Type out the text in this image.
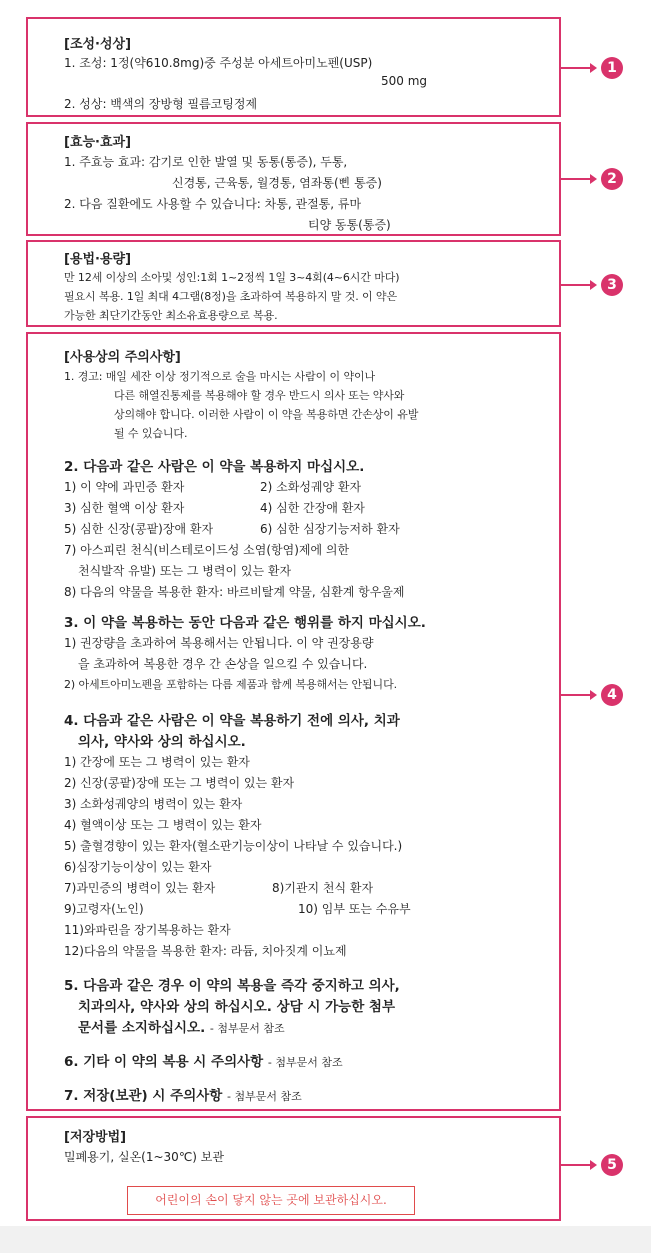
[조성·성상]
1. 조성: 1정(약610.8mg)중 주성분 아세트아미노펜(USP)
500 mg
2. 성상: 백색의 장방형 필름코팅정제
1
[효능·효과]
1. 주효능 효과: 감기로 인한 발열 및 동통(통증), 두통,
신경통, 근육통, 월경통, 염좌통(삔 통증)
2. 다음 질환에도 사용할 수 있습니다: 차통, 관절통, 류마
티양 동통(통증)
2
[용법·용량]
만 12세 이상의 소아및 성인:1회 1~2정씩 1일 3~4회(4~6시간 마다)
필요시 복용. 1일 최대 4그램(8정)을 초과하여 복용하지 말 것. 이 약은
가능한 최단기간동안 최소유효용량으로 복용.
3
[사용상의 주의사항]
1. 경고: 매일 세잔 이상 정기적으로 술을 마시는 사람이 이 약이나
다른 해열진통제를 복용해야 할 경우 반드시 의사 또는 약사와
상의해야 합니다. 이러한 사람이 이 약을 복용하면 간손상이 유발
될 수 있습니다.
2. 다음과 같은 사람은 이 약을 복용하지 마십시오.
1) 이 약에 과민증 환자	2) 소화성궤양 환자
3) 심한 혈액 이상 환자	4) 심한 간장애 환자
5) 심한 신장(콩팥)장애 환자	6) 심한 심장기능저하 환자
7) 아스피린 천식(비스테로이드성 소염(항염)제에 의한
천식발작 유발) 또는 그 병력이 있는 환자
8) 다음의 약물을 복용한 환자: 바르비탈계 약물, 심환계 항우울제
3. 이 약을 복용하는 동안 다음과 같은 행위를 하지 마십시오.
1) 권장량을 초과하여 복용해서는 안됩니다. 이 약 권장용량
을 초과하여 복용한 경우 간 손상을 일으킬 수 있습니다.
2) 아세트아미노펜을 포함하는 다름 제품과 함께 복용해서는 안됩니다.
4. 다음과 같은 사람은 이 약을 복용하기 전에 의사, 치과
의사, 약사와 상의 하십시오.
1) 간장에 또는 그 병력이 있는 환자
2) 신장(콩팥)장애 또는 그 병력이 있는 환자
3) 소화성궤양의 병력이 있는 환자
4) 혈액이상 또는 그 병력이 있는 환자
5) 출혈경향이 있는 환자(혈소판기능이상이 나타날 수 있습니다.)
6)심장기능이상이 있는 환자
7)과민증의 병력이 있는 환자	8)기관지 천식 환자
9)고령자(노인)	10) 임부 또는 수유부
11)와파린을 장기복용하는 환자
12)다음의 약물을 복용한 환자: 라듐, 치아짓계 이뇨제
5. 다음과 같은 경우 이 약의 복용을 즉각 중지하고 의사,
치과의사, 약사와 상의 하십시오. 상담 시 가능한 첨부
문서를 소지하십시오. - 첨부문서 참조
6. 기타 이 약의 복용 시 주의사항 - 첨부문서 참조
7. 저장(보관) 시 주의사항 - 첨부문서 참조
4
[저장방법]
밀폐용기, 실온(1~30℃) 보관
어린이의 손이 닿지 않는 곳에 보관하십시오.
5
